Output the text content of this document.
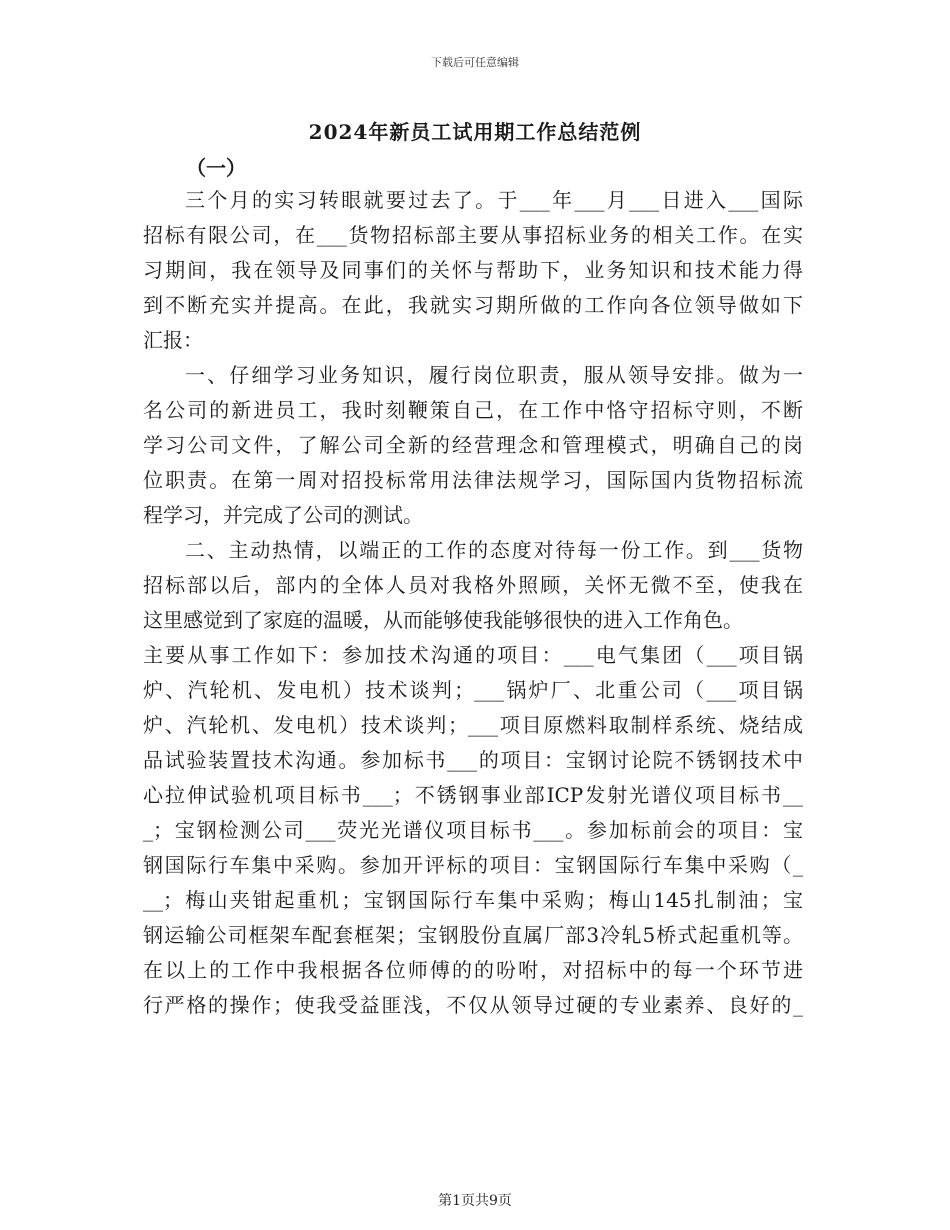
下载后可任意编辑
2024年新员工试用期工作总结范例
（一）
三个月的实习转眼就要过去了。于___年___月___日进入___国际
招标有限公司，在___货物招标部主要从事招标业务的相关工作。在实
习期间，我在领导及同事们的关怀与帮助下，业务知识和技术能力得
到不断充实并提高。在此，我就实习期所做的工作向各位领导做如下
汇报：
一、仔细学习业务知识，履行岗位职责，服从领导安排。做为一
名公司的新进员工，我时刻鞭策自己，在工作中恪守招标守则，不断
学习公司文件，了解公司全新的经营理念和管理模式，明确自己的岗
位职责。在第一周对招投标常用法律法规学习，国际国内货物招标流
程学习，并完成了公司的测试。
二、主动热情，以端正的工作的态度对待每一份工作。到___货物
招标部以后，部内的全体人员对我格外照顾，关怀无微不至，使我在
这里感觉到了家庭的温暖，从而能够使我能够很快的进入工作角色。
主要从事工作如下：参加技术沟通的项目：___电气集团（___项目锅
炉、汽轮机、发电机）技术谈判；___锅炉厂、北重公司（___项目锅
炉、汽轮机、发电机）技术谈判；___项目原燃料取制样系统、烧结成
品试验装置技术沟通。参加标书___的项目：宝钢讨论院不锈钢技术中
心拉伸试验机项目标书___；不锈钢事业部ICP发射光谱仪项目标书__
_；宝钢检测公司___荧光光谱仪项目标书___。参加标前会的项目：宝
钢国际行车集中采购。参加开评标的项目：宝钢国际行车集中采购（_
__；梅山夹钳起重机；宝钢国际行车集中采购；梅山145扎制油；宝
钢运输公司框架车配套框架；宝钢股份直属厂部3冷轧5桥式起重机等。
在以上的工作中我根据各位师傅的的吩咐，对招标中的每一个环节进
行严格的操作；使我受益匪浅，不仅从领导过硬的专业素养、良好的_
第1页共9页
